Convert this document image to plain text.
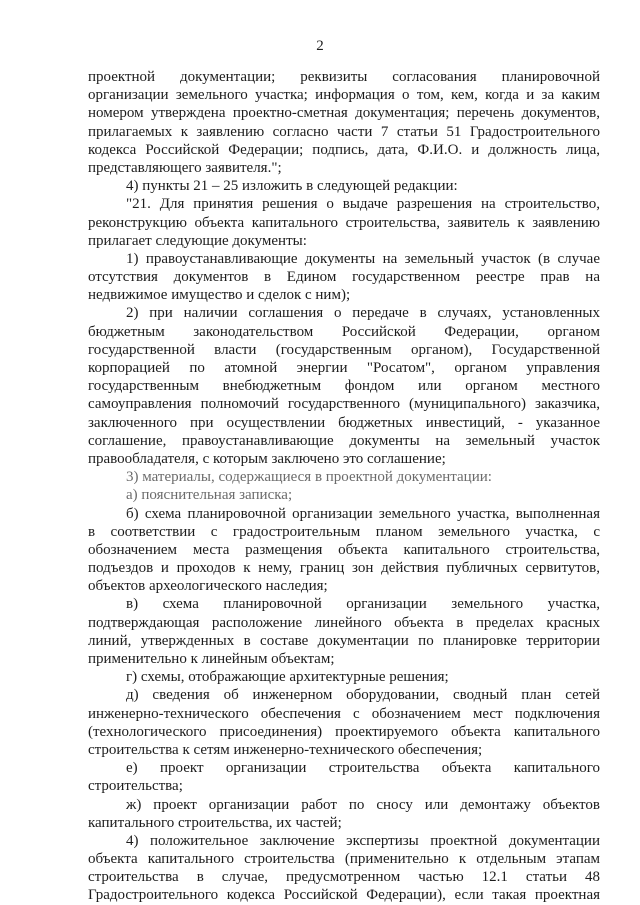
2
проектной документации; реквизиты согласования планировочной
организации земельного участка; информация о том, кем, когда и за каким
номером утверждена проектно-сметная документация; перечень документов,
прилагаемых к заявлению согласно части 7 статьи 51 Градостроительного
кодекса Российской Федерации; подпись, дата, Ф.И.О. и должность лица,
представляющего заявителя.";
4) пункты 21 – 25 изложить в следующей редакции:
"21. Для принятия решения о выдаче разрешения на строительство,
реконструкцию объекта капитального строительства, заявитель к заявлению
прилагает следующие документы:
1) правоустанавливающие документы на земельный участок (в случае
отсутствия документов в Едином государственном реестре прав на
недвижимое имущество и сделок с ним);
2) при наличии соглашения о передаче в случаях, установленных
бюджетным законодательством Российской Федерации, органом
государственной власти (государственным органом), Государственной
корпорацией по атомной энергии "Росатом", органом управления
государственным внебюджетным фондом или органом местного
самоуправления полномочий государственного (муниципального) заказчика,
заключенного при осуществлении бюджетных инвестиций, - указанное
соглашение, правоустанавливающие документы на земельный участок
правообладателя, с которым заключено это соглашение;
3) материалы, содержащиеся в проектной документации:
а) пояснительная записка;
б) схема планировочной организации земельного участка, выполненная
в соответствии с градостроительным планом земельного участка, с
обозначением места размещения объекта капитального строительства,
подъездов и проходов к нему, границ зон действия публичных сервитутов,
объектов археологического наследия;
в) схема планировочной организации земельного участка,
подтверждающая расположение линейного объекта в пределах красных
линий, утвержденных в составе документации по планировке территории
применительно к линейным объектам;
г) схемы, отображающие архитектурные решения;
д) сведения об инженерном оборудовании, сводный план сетей
инженерно-технического обеспечения с обозначением мест подключения
(технологического присоединения) проектируемого объекта капитального
строительства к сетям инженерно-технического обеспечения;
е) проект организации строительства объекта капитального
строительства;
ж) проект организации работ по сносу или демонтажу объектов
капитального строительства, их частей;
4) положительное заключение экспертизы проектной документации
объекта капитального строительства (применительно к отдельным этапам
строительства в случае, предусмотренном частью 12.1 статьи 48
Градостроительного кодекса Российской Федерации), если такая проектная
